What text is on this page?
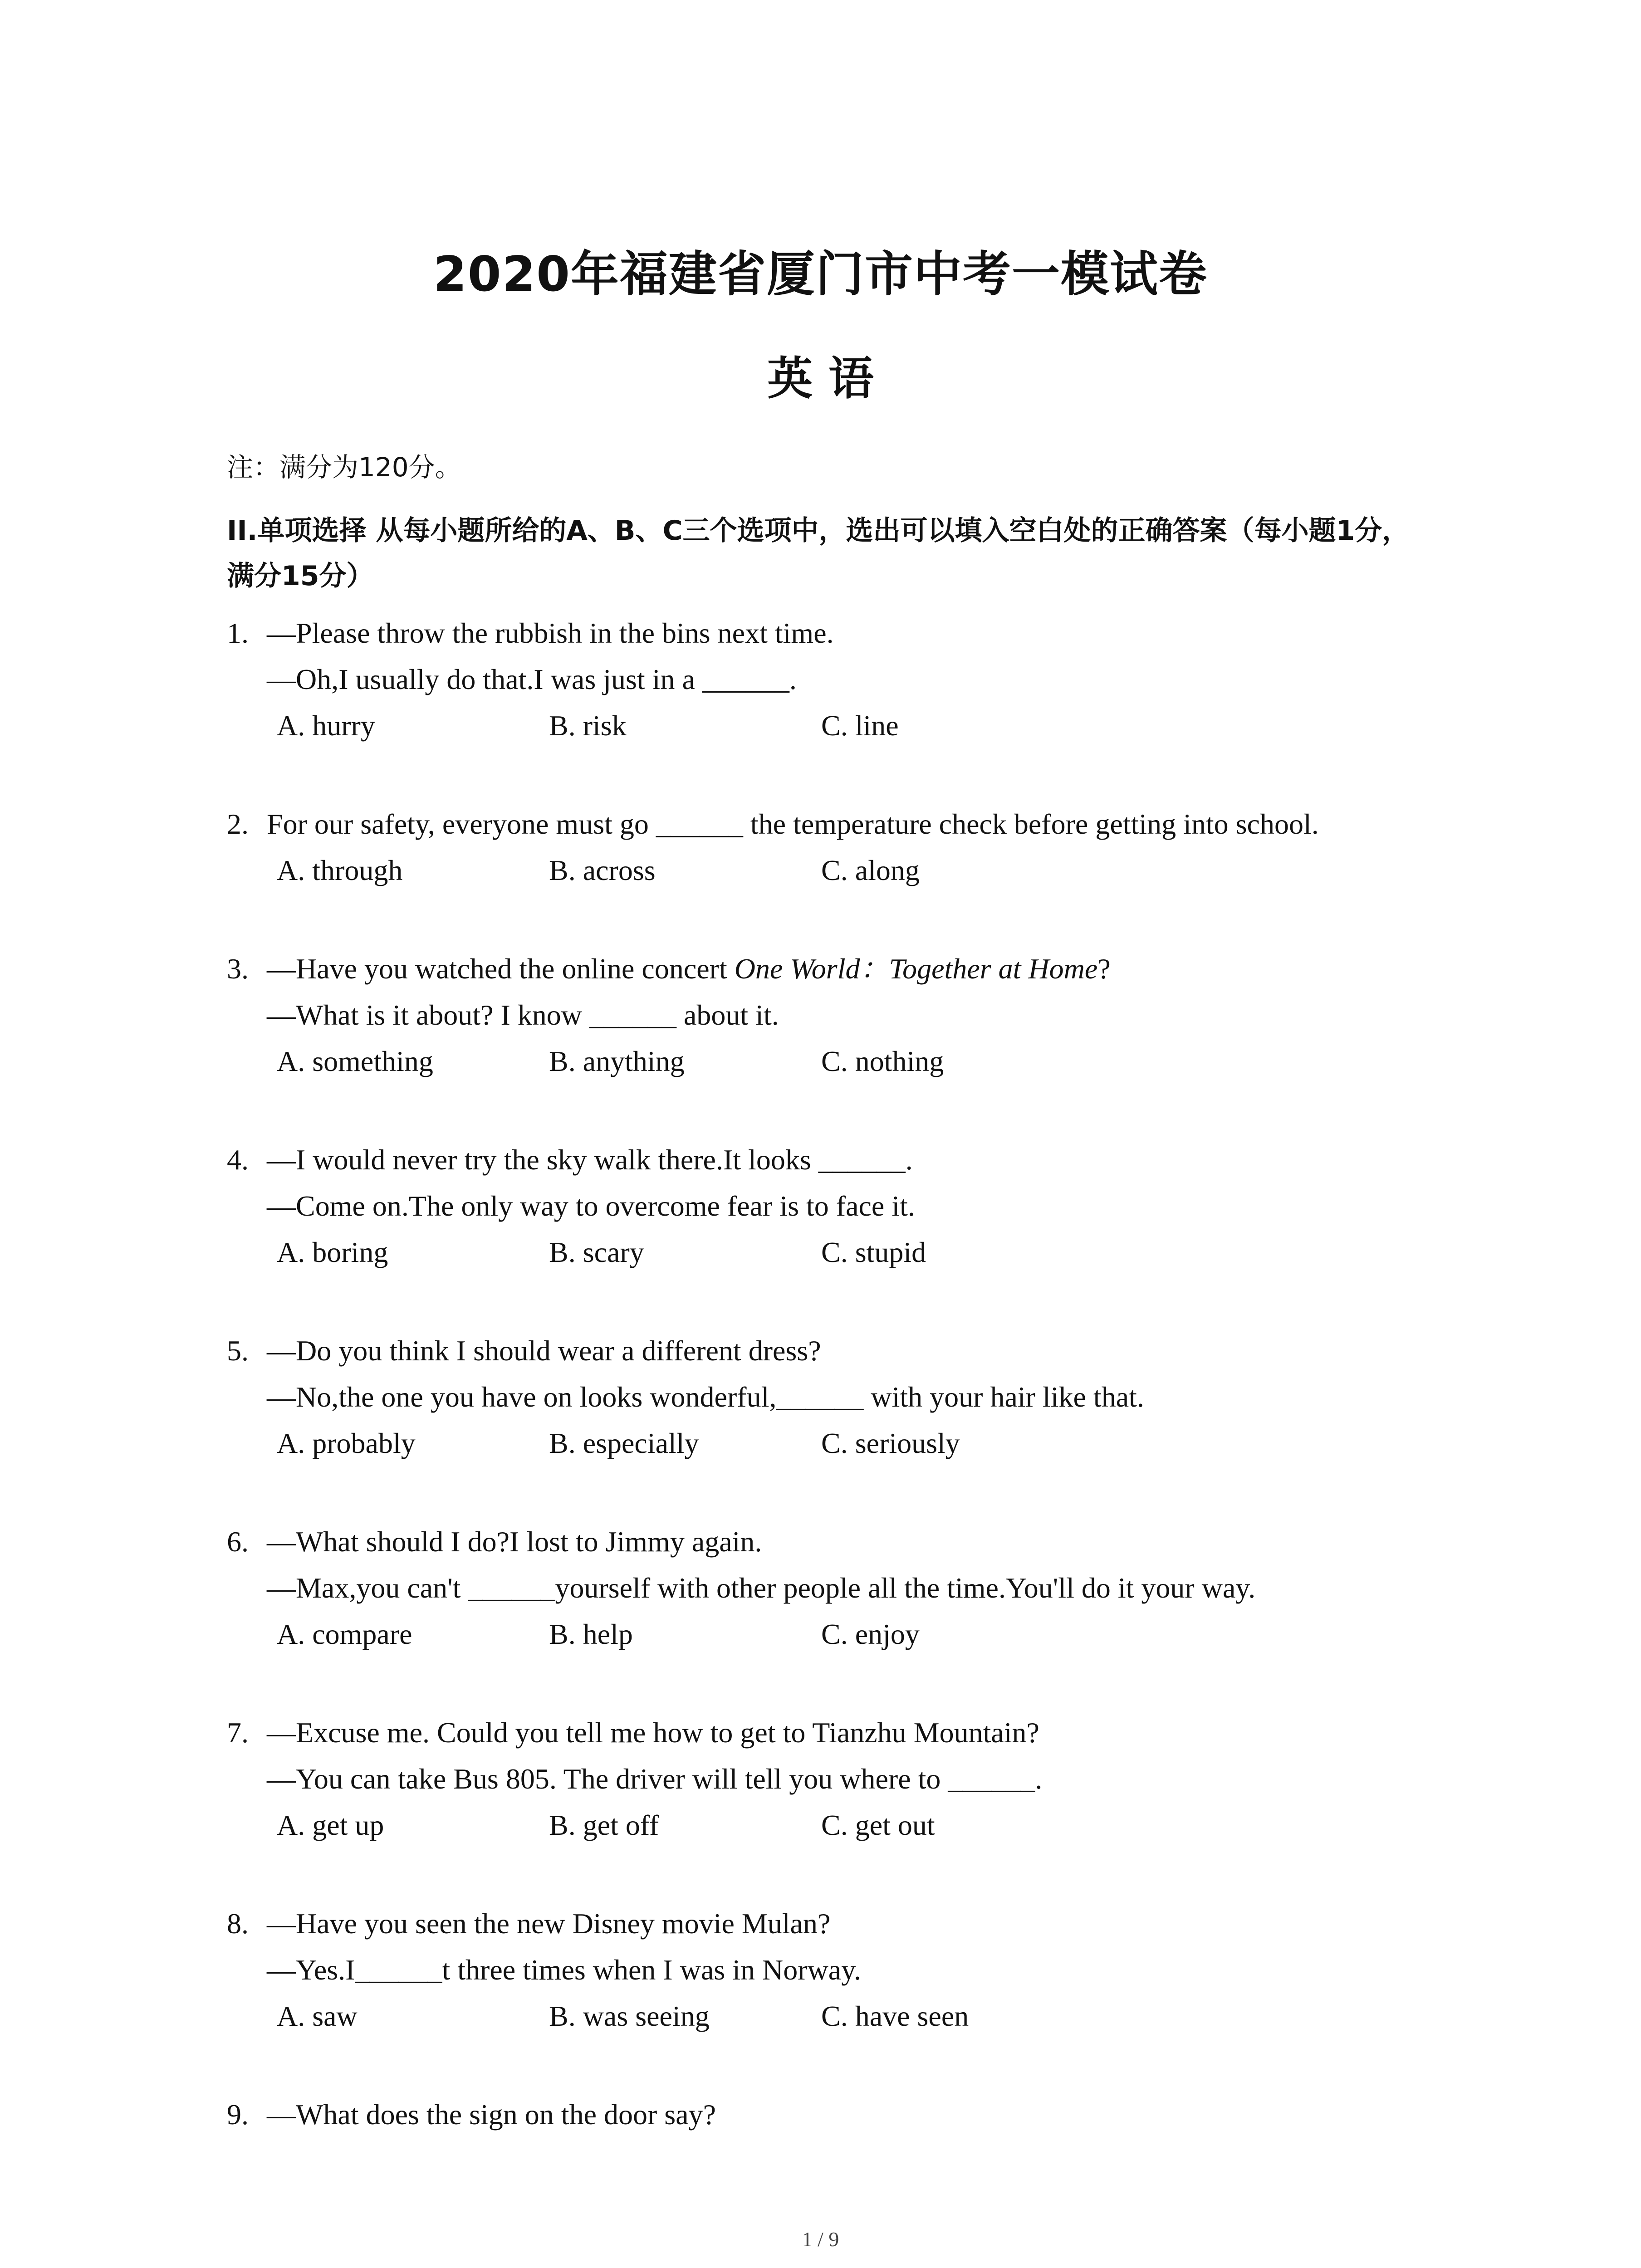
2020年福建省厦门市中考一模试卷
英 语
注：满分为120分。
II.单项选择 从每小题所给的A、B、C三个选项中，选出可以填入空白处的正确答案（每小题1分，满分15分）
1. —Please throw the rubbish in the bins next time.
—Oh,I usually do that.I was just in a ______.
A. hurry	B. risk	C. line
2. For our safety, everyone must go ______ the temperature check before getting into school.
A. through	B. across	C. along
3. —Have you watched the online concert One World：Together at Home?
—What is it about? I know ______ about it.
A. something	B. anything	C. nothing
4. —I would never try the sky walk there.It looks ______.
—Come on.The only way to overcome fear is to face it.
A. boring	B. scary	C. stupid
5. —Do you think I should wear a different dress?
—No,the one you have on looks wonderful,______ with your hair like that.
A. probably	B. especially	C. seriously
6. —What should I do?I lost to Jimmy again.
—Max,you can't ______yourself with other people all the time.You'll do it your way.
A. compare	B. help	C. enjoy
7. —Excuse me. Could you tell me how to get to Tianzhu Mountain?
—You can take Bus 805. The driver will tell you where to ______.
A. get up	B. get off	C. get out
8. —Have you seen the new Disney movie Mulan?
—Yes.I______t three times when I was in Norway.
A. saw	B. was seeing	C. have seen
9. —What does the sign on the door say?
1 / 9
